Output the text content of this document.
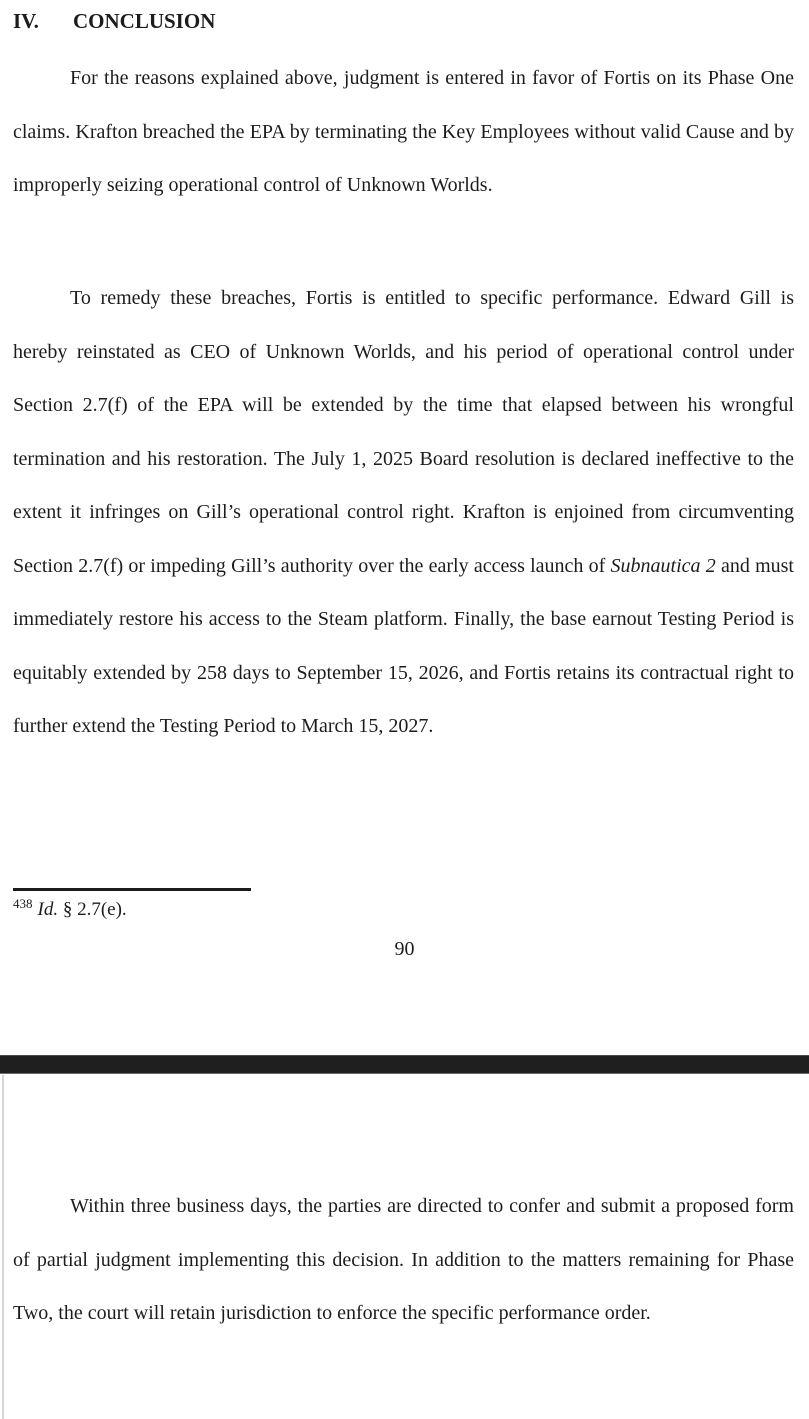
IV. CONCLUSION
For the reasons explained above, judgment is entered in favor of Fortis on its Phase One claims. Krafton breached the EPA by terminating the Key Employees without valid Cause and by improperly seizing operational control of Unknown Worlds.
To remedy these breaches, Fortis is entitled to specific performance. Edward Gill is hereby reinstated as CEO of Unknown Worlds, and his period of operational control under Section 2.7(f) of the EPA will be extended by the time that elapsed between his wrongful termination and his restoration. The July 1, 2025 Board resolution is declared ineffective to the extent it infringes on Gill’s operational control right. Krafton is enjoined from circumventing Section 2.7(f) or impeding Gill’s authority over the early access launch of Subnautica 2 and must immediately restore his access to the Steam platform. Finally, the base earnout Testing Period is equitably extended by 258 days to September 15, 2026, and Fortis retains its contractual right to further extend the Testing Period to March 15, 2027.
$^{438}$ Id. § 2.7(e).
90
Within three business days, the parties are directed to confer and submit a proposed form of partial judgment implementing this decision. In addition to the matters remaining for Phase Two, the court will retain jurisdiction to enforce the specific performance order.
